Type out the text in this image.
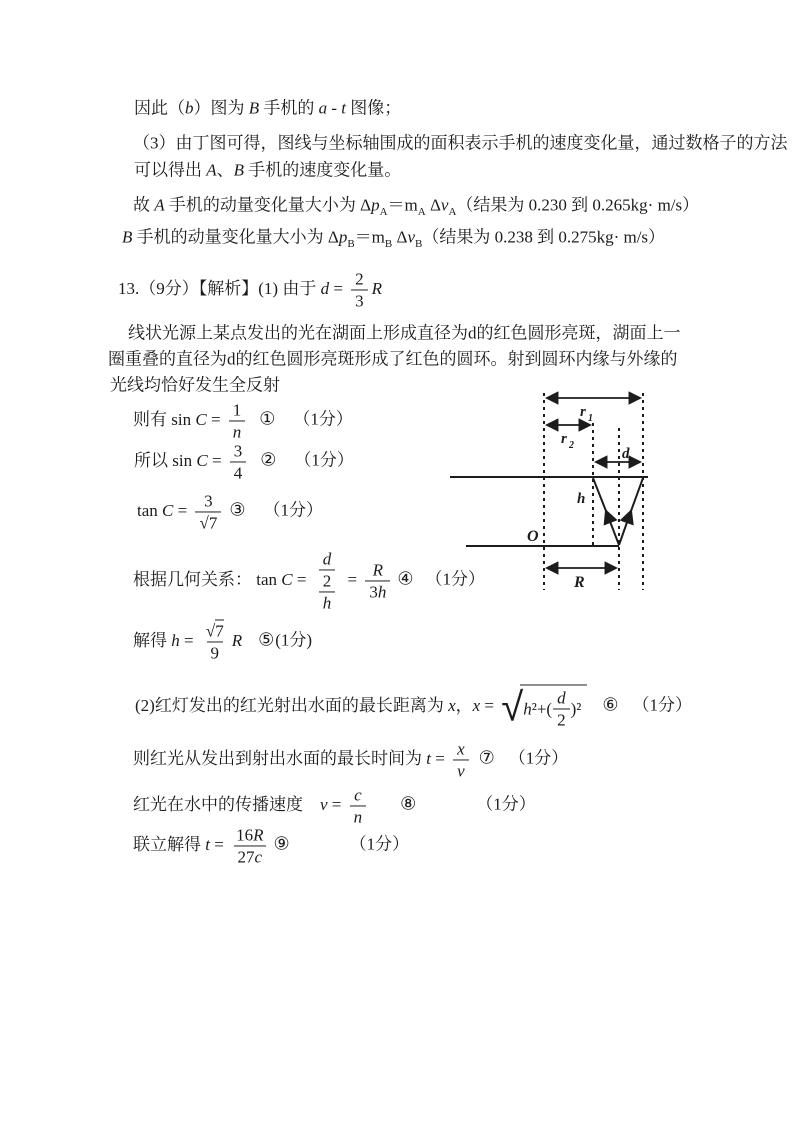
因此（b）图为 B 手机的 a - t 图像；
（3）由丁图可得，图线与坐标轴围成的面积表示手机的速度变化量，通过数格子的方法
可以得出 A、B 手机的速度变化量。
故 A 手机的动量变化量大小为 $\Delta p_A=m_A$ $\Delta v_A$（结果为 0.230 到 0.265kg· m/s）
B 手机的动量变化量大小为 $\Delta p_B=m_B$ $\Delta v_B$（结果为 0.238 到 0.275kg· m/s）
13.（9分）【解析】(1) 由于 $d = \frac{2}{3}$ R
线状光源上某点发出的光在湖面上形成直径为d的红色圆形亮斑，湖面上一
圈重叠的直径为d的红色圆形亮斑形成了红色的圆环。射到圆环内缘与外缘的
光线均恰好发生全反射
则有 $\sin C = \frac{1}{n}$ ① （1分）
所以 $\sin C = \frac{3}{4}$ ② （1分）
$\tan C = \frac{3}{√7}$ ③ （1分）
根据几何关系： $\tan C = \frac{\frac{d}{2}}{h} = \frac{R}{3h}$ ④ （1分）
解得 $h = \frac{√7}{9}$ R ⑤(1分)
(2)红灯发出的红光射出水面的最长距离为 x，x = √ h $^2+( \frac{d}{2} )^2$ ⑥ （1分）
则红光从发出到射出水面的最长时间为 $t = \frac{x}{v}$ ⑦ （1分）
红光在水中的传播速度　$v = \frac{c}{n}$ ⑧	（1分）
联立解得 $t = \frac{16R}{27c}$ ⑨	（1分）
r 1
r 2
d
h
O
R
